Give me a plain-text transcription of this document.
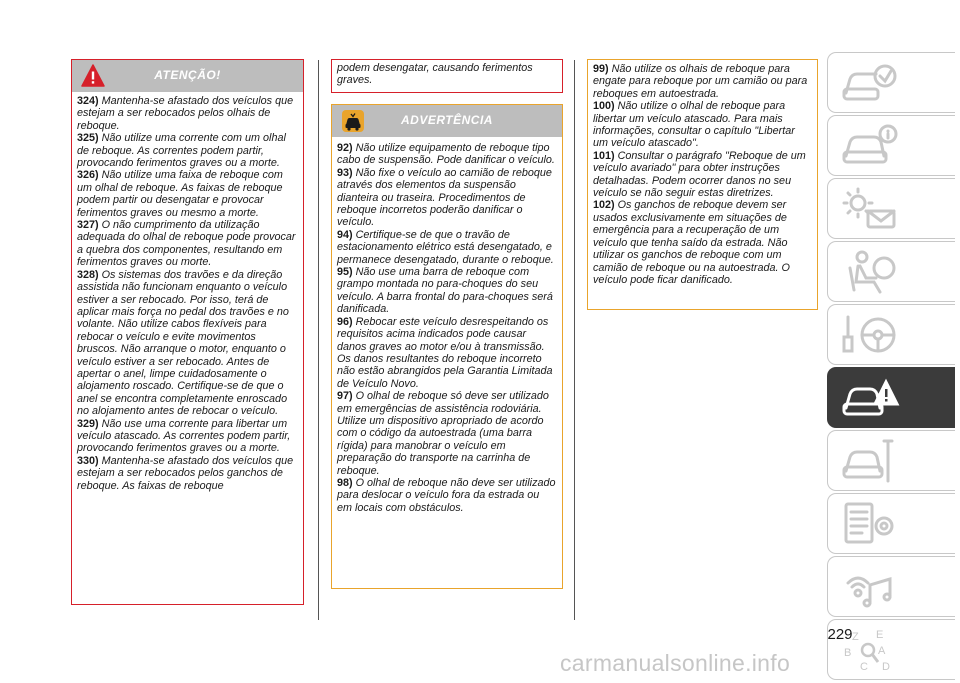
ATENÇÃO!

324) Mantenha-se afastado dos veículos que estejam a ser rebocados pelos olhais de reboque.

325) Não utilize uma corrente com um olhal de reboque. As correntes podem partir, provocando ferimentos graves ou a morte.

326) Não utilize uma faixa de reboque com um olhal de reboque. As faixas de reboque podem partir ou desengatar e provocar ferimentos graves ou mesmo a morte.

327) O não cumprimento da utilização adequada do olhal de reboque pode provocar a quebra dos componentes, resultando em ferimentos graves ou morte.

328) Os sistemas dos travões e da direção assistida não funcionam enquanto o veículo estiver a ser rebocado. Por isso, terá de aplicar mais força no pedal dos travões e no volante. Não utilize cabos flexíveis para rebocar o veículo e evite movimentos bruscos. Não arranque o motor, enquanto o veículo estiver a ser rebocado. Antes de apertar o anel, limpe cuidadosamente o alojamento roscado. Certifique-se de que o anel se encontra completamente enroscado no alojamento antes de rebocar o veículo.

329) Não use uma corrente para libertar um veículo atascado. As correntes podem partir, provocando ferimentos graves ou a morte.

330) Mantenha-se afastado dos veículos que estejam a ser rebocados pelos ganchos de reboque. As faixas de reboque

podem desengatar, causando ferimentos graves.

ADVERTÊNCIA

92) Não utilize equipamento de reboque tipo cabo de suspensão. Pode danificar o veículo.

93) Não fixe o veículo ao camião de reboque através dos elementos da suspensão dianteira ou traseira. Procedimentos de reboque incorretos poderão danificar o veículo.

94) Certifique-se de que o travão de estacionamento elétrico está desengatado, e permanece desengatado, durante o reboque.

95) Não use uma barra de reboque com grampo montada no para-choques do seu veículo. A barra frontal do para-choques será danificada.

96) Rebocar este veículo desrespeitando os requisitos acima indicados pode causar danos graves ao motor e/ou à transmissão. Os danos resultantes do reboque incorreto não estão abrangidos pela Garantia Limitada de Veículo Novo.

97) O olhal de reboque só deve ser utilizado em emergências de assistência rodoviária. Utilize um dispositivo apropriado de acordo com o código da autoestrada (uma barra rígida) para manobrar o veículo em preparação do transporte na carrinha de reboque.

98) O olhal de reboque não deve ser utilizado para deslocar o veículo fora da estrada ou em locais com obstáculos.

99) Não utilize os olhais de reboque para engate para reboque por um camião ou para reboques em autoestrada.

100) Não utilize o olhal de reboque para libertar um veículo atascado. Para mais informações, consultar o capítulo "Libertar um veículo atascado".

101) Consultar o parágrafo "Reboque de um veículo avariado" para obter instruções detalhadas. Podem ocorrer danos no seu veículo se não seguir estas diretrizes.

102) Os ganchos de reboque devem ser usados exclusivamente em situações de emergência para a recuperação de um veículo que tenha saído da estrada. Não utilizar os ganchos de reboque com um camião de reboque ou na autoestrada. O veículo pode ficar danificado.

Z E
B A
C D
229
carmanualsonline.info
